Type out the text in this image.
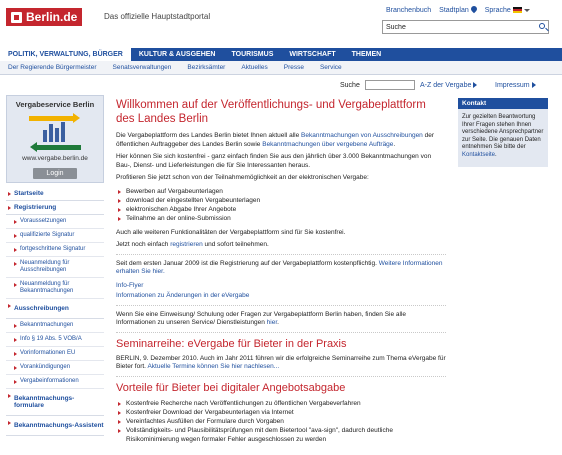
Berlin.de	Das offizielle Hauptstadtportal
Branchenbuch Stadtplan	Sprache
Suche
POLITIK, VERWALTUNG, BÜRGER	KULTUR & AUSGEHEN	TOURISMUS	WIRTSCHAFT	THEMEN
Der Regierende Bürgermeister	Senatsverwaltungen	Bezirksämter	Aktuelles	Presse	Service
Suche	A-Z der Vergabe	Impressum
Vergabeservice Berlin
www.vergabe.berlin.de
Login
Startseite
Registrierung
Voraussetzungen
qualifizierte Signatur
fortgeschrittene Signatur
Neuanmeldung für Ausschreibungen
Neuanmeldung für Bekanntmachungen
Ausschreibungen
Bekanntmachungen
Info § 19 Abs. 5 VOB/A
Vorinformationen EU
Vorankündigungen
Vergabeinformationen
Bekanntmachungs-formulare
Bekanntmachungs-Assistent
Willkommen auf der Veröffentlichungs- und Vergabeplattform des Landes Berlin

Die Vergabeplattform des Landes Berlin bietet Ihnen aktuell alle Bekanntmachungen von Ausschreibungen der öffentlichen Auftraggeber des Landes Berlin sowie Bekanntmachungen über vergebene Aufträge.

Hier können Sie sich kostenfrei - ganz einfach finden Sie aus den jährlich über 3.000 Bekanntmachungen von Bau-, Dienst- und Lieferleistungen die für Sie Interessanten heraus.

Profitieren Sie jetzt schon von der Teilnahmemöglichkeit an der elektronischen Vergabe:

Bewerben auf Vergabeunterlagen
download der eingestellten Vergabeunterlagen
elektronischen Abgabe Ihrer Angebote
Teilnahme an der online-Submission

Auch alle weiteren Funktionalitäten der Vergabeplattform sind für Sie kostenfrei.

Jetzt noch einfach registrieren und sofort teilnehmen.

Seit dem ersten Januar 2009 ist die Registrierung auf der Vergabeplattform kostenpflichtig. Weitere Informationen erhalten Sie hier.

Info-Flyer
Informationen zu Änderungen in der eVergabe

Wenn Sie eine Einweisung/ Schulung oder Fragen zur Vergabeplattform Berlin haben, finden Sie alle Informationen zu unseren Service/ Dienstleistungen hier.

Seminarreihe: eVergabe für Bieter in der Praxis

BERLIN, 9. Dezember 2010. Auch im Jahr 2011 führen wir die erfolgreiche Seminarreihe zum Thema eVergabe für Bieter fort. Aktuelle Termine können Sie hier nachlesen...

Vorteile für Bieter bei digitaler Angebotsabgabe
Kostenfreie Recherche nach Veröffentlichungen zu öffentlichen Vergabeverfahren
Kostenfreier Download der Vergabeunterlagen via Internet
Vereinfachtes Ausfüllen der Formulare durch Vorgaben
Vollständigkeits- und Plausibilitätsprüfungen mit dem Bietertool "ava-sign", dadurch deutliche Risikominimierung wegen formaler Fehler ausgeschlossen zu werden
Kontakt
Zur gezielten Beantwortung Ihrer Fragen stehen Ihnen verschiedene Ansprechpartner zur Seite. Die genauen Daten entnehmen Sie bitte der Kontaktseite.
